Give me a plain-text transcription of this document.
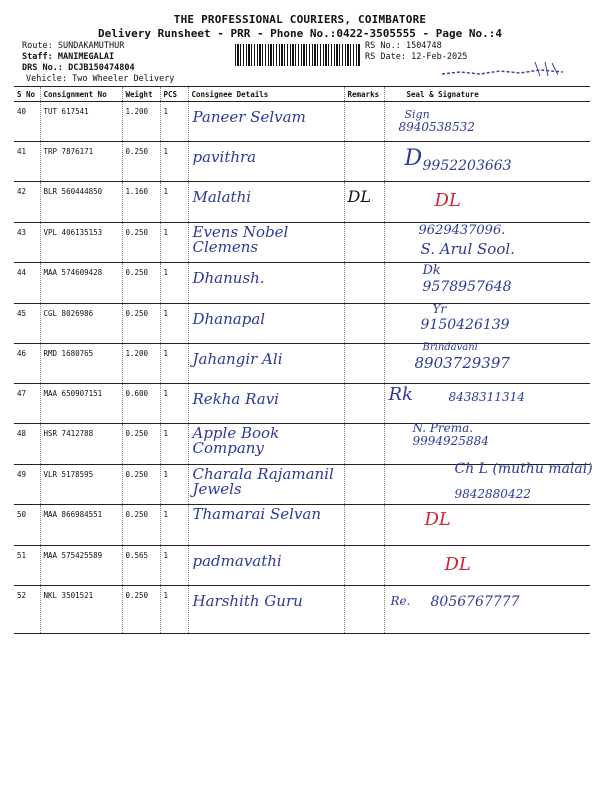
THE PROFESSIONAL COURIERS, COIMBATORE
Delivery Runsheet - PRR - Phone No.:0422-3505555 - Page No.:4
Route: SUNDAKAMUTHUR
Staff: MANIMEGALAI
DRS No.: DCJB150474804
Vehicle: Two Wheeler Delivery
RS No.: 1504748
RS Date: 12-Feb-2025
S No	Consignment No	Weight	PCS	Consignee Details	Remarks	Seal & Signature
40	TUT 617541	1.200	1	Paneer Selvam		Sign
8940538532

41	TRP 7876171	0.250	1	pavithra		D 9952203663

42	BLR 560444850	1.160	1	Malathi	DL	DL

43	VPL 406135153	0.250	1	Evens Nobel Clemens		S. Arul Sool.
9629437096.

44	MAA 574609428	0.250	1	Dhanush.		Dk
9578957648

45	CGL 8026986	0.250	1	Dhanapal		Yr
9150426139

46	RMD 1680765	1.200	1	Jahangir Ali		Brindavani
8903729397

47	MAA 650907151	0.600	1	Rekha Ravi		Rk 8438311314

48	HSR 7412788	0.250	1	Apple Book Company		N. Prema.
9994925884

49	VLR 5178595	0.250	1	Charala Rajamanil Jewels		Ch L (muthu malai)
9842880422

50	MAA 866984551	0.250	1	Thamarai Selvan		DL

51	MAA 575425589	0.565	1	padmavathi		DL

52	NKL 3501521	0.250	1	Harshith Guru		Re. 8056767777
